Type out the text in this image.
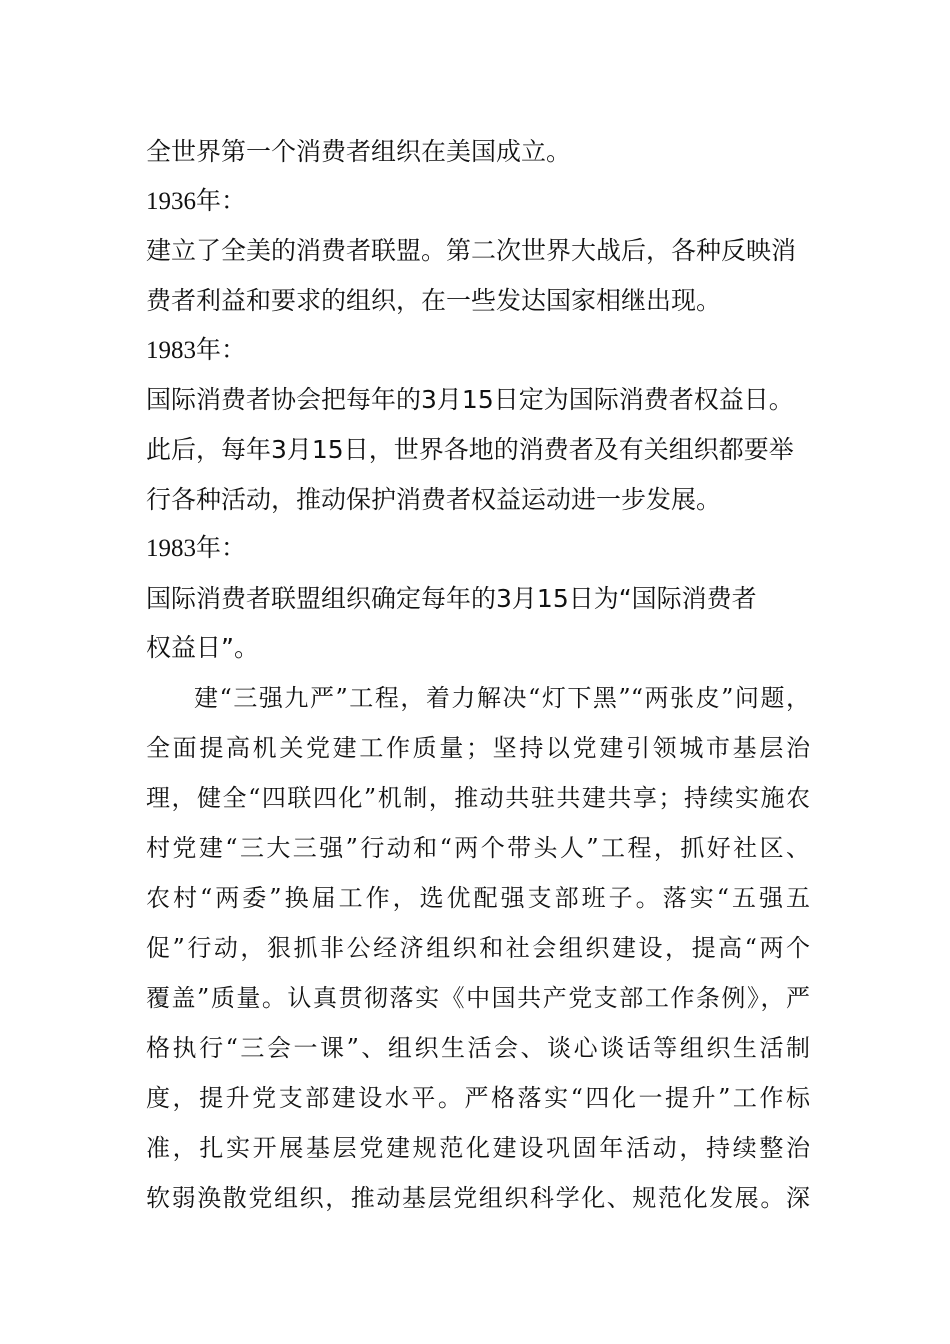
全世界第一个消费者组织在美国成立。
1936年：
建立了全美的消费者联盟。第二次世界大战后，各种反映消
费者利益和要求的组织，在一些发达国家相继出现。
1983年：
国际消费者协会把每年的3月15日定为国际消费者权益日。
此后，每年3月15日，世界各地的消费者及有关组织都要举
行各种活动，推动保护消费者权益运动进一步发展。
1983年：
国际消费者联盟组织确定每年的3月15日为“国际消费者
权益日”。
建“三强九严”工程，着力解决“灯下黑”“两张皮”问题，
全面提高机关党建工作质量；坚持以党建引领城市基层治
理，健全“四联四化”机制，推动共驻共建共享；持续实施农
村党建“三大三强”行动和“两个带头人”工程，抓好社区、
农村“两委”换届工作，选优配强支部班子。落实“五强五
促”行动，狠抓非公经济组织和社会组织建设，提高“两个
覆盖”质量。认真贯彻落实《中国共产党支部工作条例》，严
格执行“三会一课”、组织生活会、谈心谈话等组织生活制
度，提升党支部建设水平。严格落实“四化一提升”工作标
准，扎实开展基层党建规范化建设巩固年活动，持续整治
软弱涣散党组织，推动基层党组织科学化、规范化发展。深
